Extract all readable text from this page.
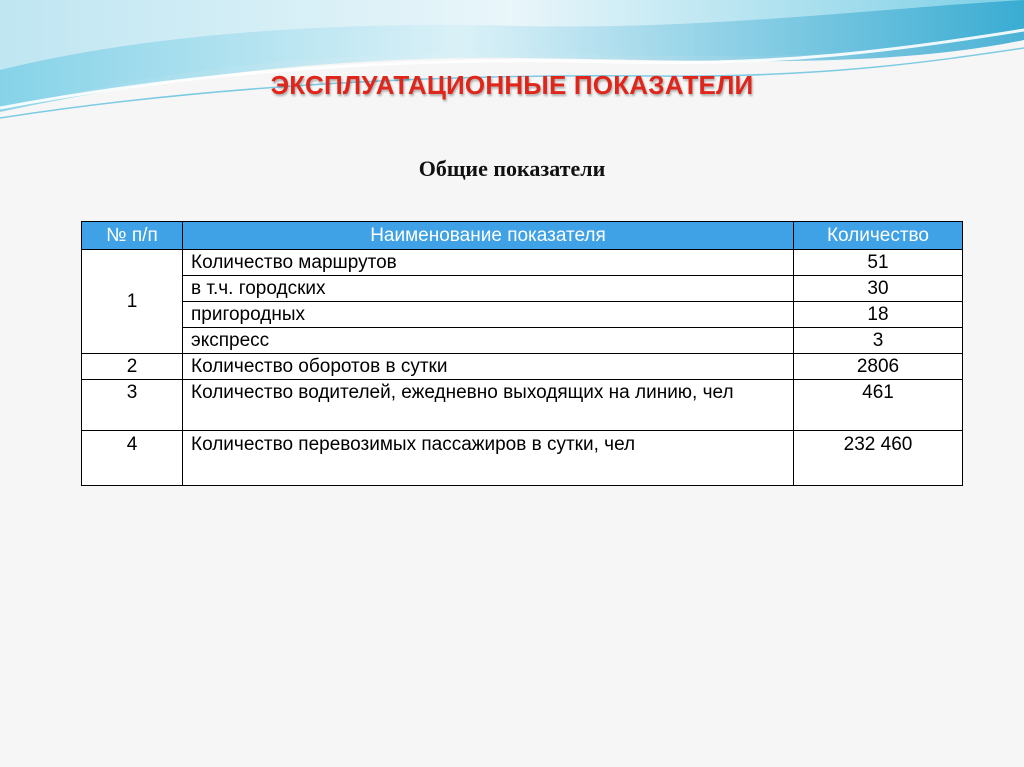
ЭКСПЛУАТАЦИОННЫЕ ПОКАЗАТЕЛИ
Общие показатели
№ п/п	Наименование показателя	Количество
1	Количество маршрутов	51
	в т.ч. городских	30
	пригородных	18
	экспресс	3
2	Количество оборотов в сутки	2806
3	Количество водителей, ежедневно выходящих на линию, чел	461
4	Количество перевозимых пассажиров в сутки, чел	232 460
